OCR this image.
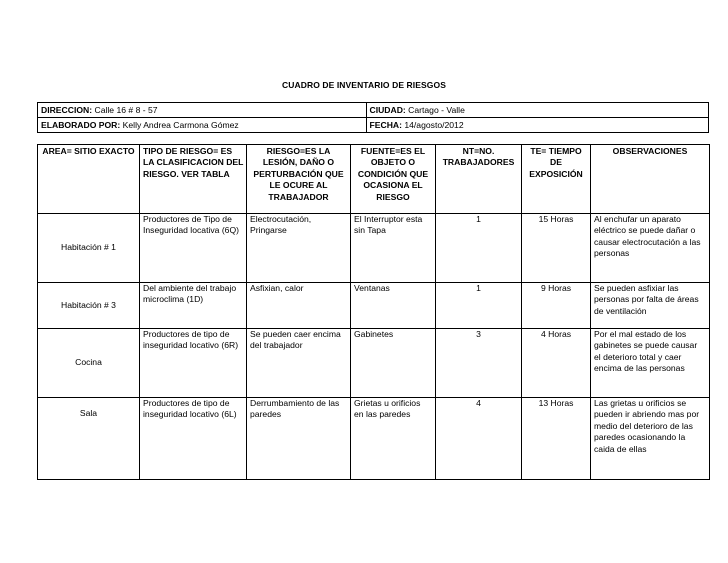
CUADRO DE INVENTARIO DE RIESGOS
DIRECCION: Calle 16 # 8 - 57	CIUDAD: Cartago - Valle
ELABORADO POR: Kelly Andrea Carmona Gómez	FECHA: 14/agosto/2012
AREA= SITIO EXACTO	TIPO DE RIESGO= ES LA CLASIFICACION DEL RIESGO. VER TABLA	RIESGO=ES LA LESIÓN, DAÑO O PERTURBACIÓN QUE LE OCURE AL TRABAJADOR	FUENTE=ES EL OBJETO O CONDICIÓN QUE OCASIONA EL RIESGO	NT=NO. TRABAJADORES	TE= TIEMPO DE EXPOSICIÓN	OBSERVACIONES
Habitación # 1	Productores de Tipo de Inseguridad locativa (6Q)	Electrocutación, Pringarse	El Interruptor esta sin Tapa	1	15 Horas	Al enchufar un aparato eléctrico se puede dañar o causar electrocutación a las personas
Habitación # 3	Del ambiente del trabajo microclima (1D)	Asfixian, calor	Ventanas	1	9 Horas	Se pueden asfixiar las personas por falta de áreas de ventilación
Cocina	Productores de tipo de inseguridad locativo (6R)	Se pueden caer encima del trabajador	Gabinetes	3	4 Horas	Por el mal estado de los gabinetes se puede causar el deterioro total y caer encima de las personas
Sala	Productores de tipo de inseguridad locativo (6L)	Derrumbamiento de las paredes	Grietas u orificios en las paredes	4	13 Horas	Las grietas u orificios se pueden ir abriendo mas por medio del deterioro de las paredes ocasionando la caida de ellas
